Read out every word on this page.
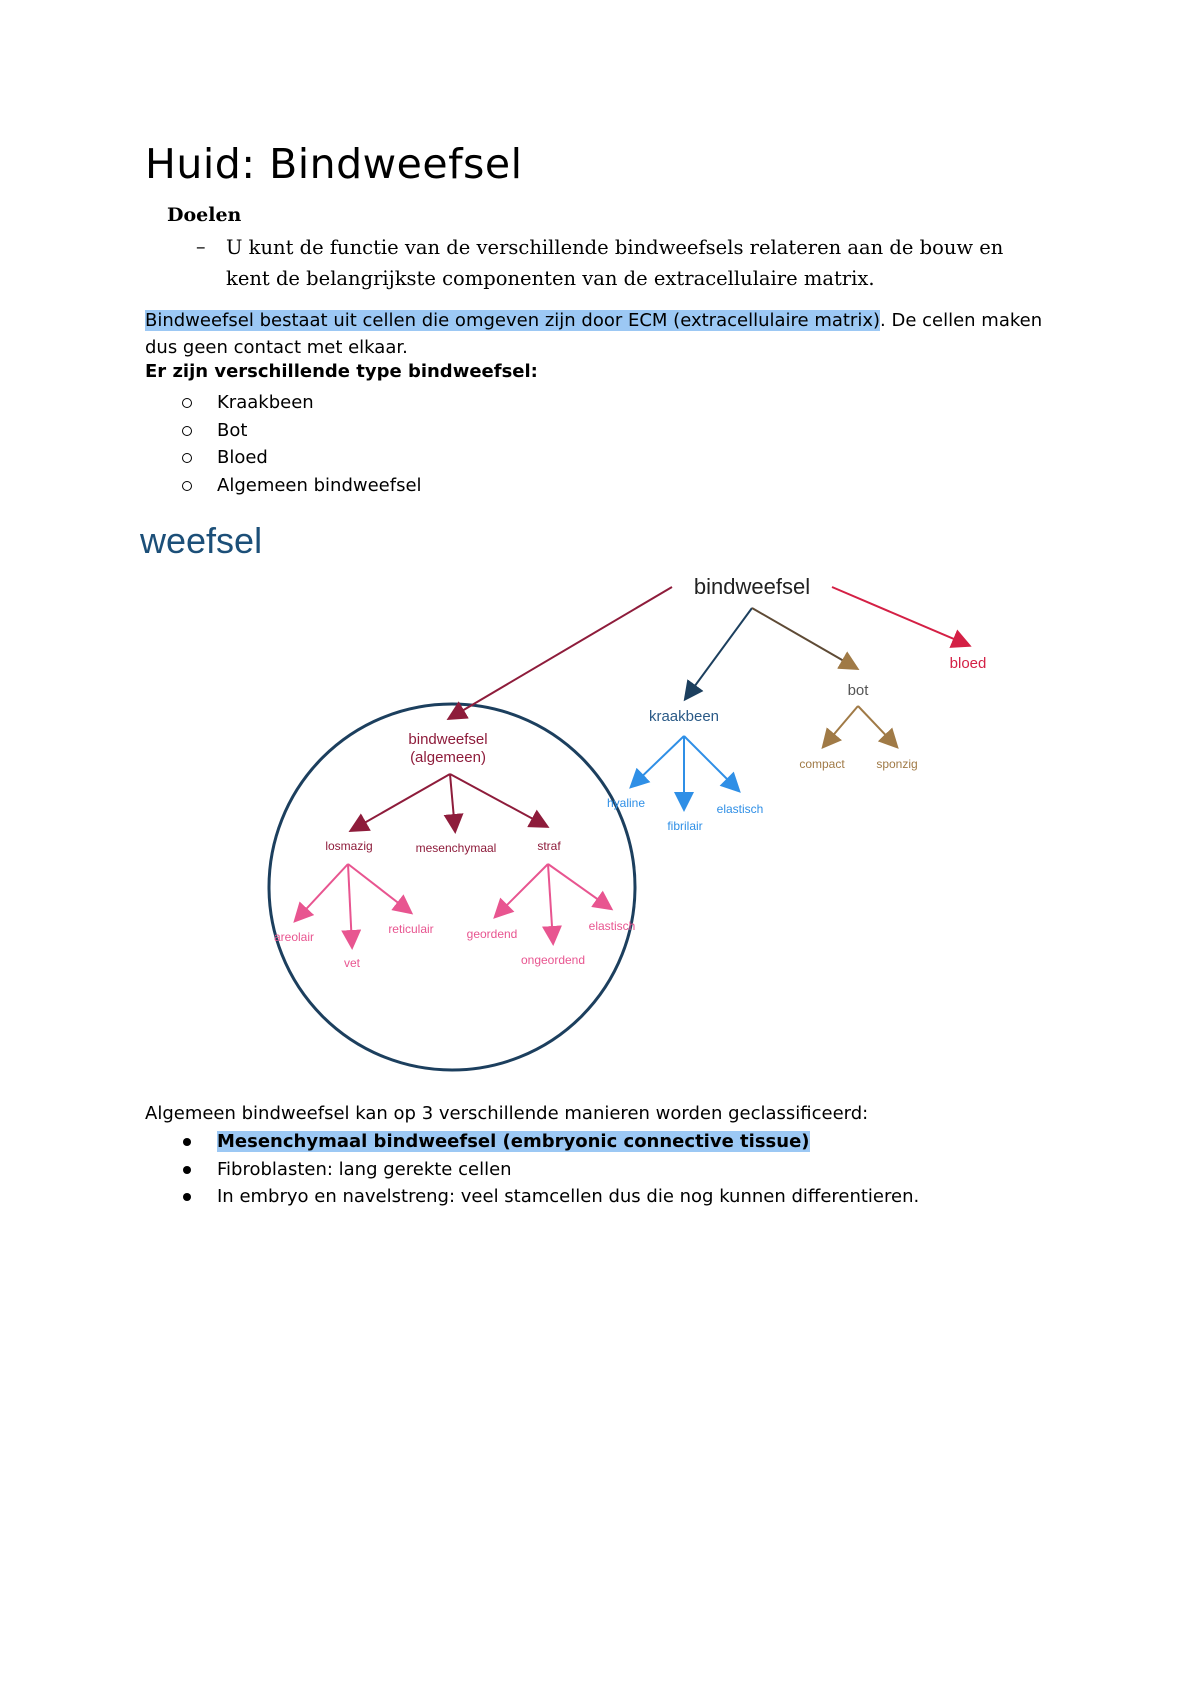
Huid: Bindweefsel
Doelen
– U kunt de functie van de verschillende bindweefsels relateren aan de bouw en kent de belangrijkste componenten van de extracellulaire matrix.
Bindweefsel bestaat uit cellen die omgeven zijn door ECM (extracellulaire matrix). De cellen maken dus geen contact met elkaar.
Er zijn verschillende type bindweefsel:
Kraakbeen
Bot
Bloed
Algemeen bindweefsel
weefsel
bindweefsel
bloed
bot
compact	sponzig
kraakbeen
hyaline
fibrilair
elastisch
bindweefsel
(algemeen)
losmazig	mesenchymaal	straf
areolair
vet
reticulair	geordend
ongeordend
elastisch
Algemeen bindweefsel kan op 3 verschillende manieren worden geclassificeerd:
Mesenchymaal bindweefsel (embryonic connective tissue)
Fibroblasten: lang gerekte cellen
In embryo en navelstreng: veel stamcellen dus die nog kunnen differentieren.
